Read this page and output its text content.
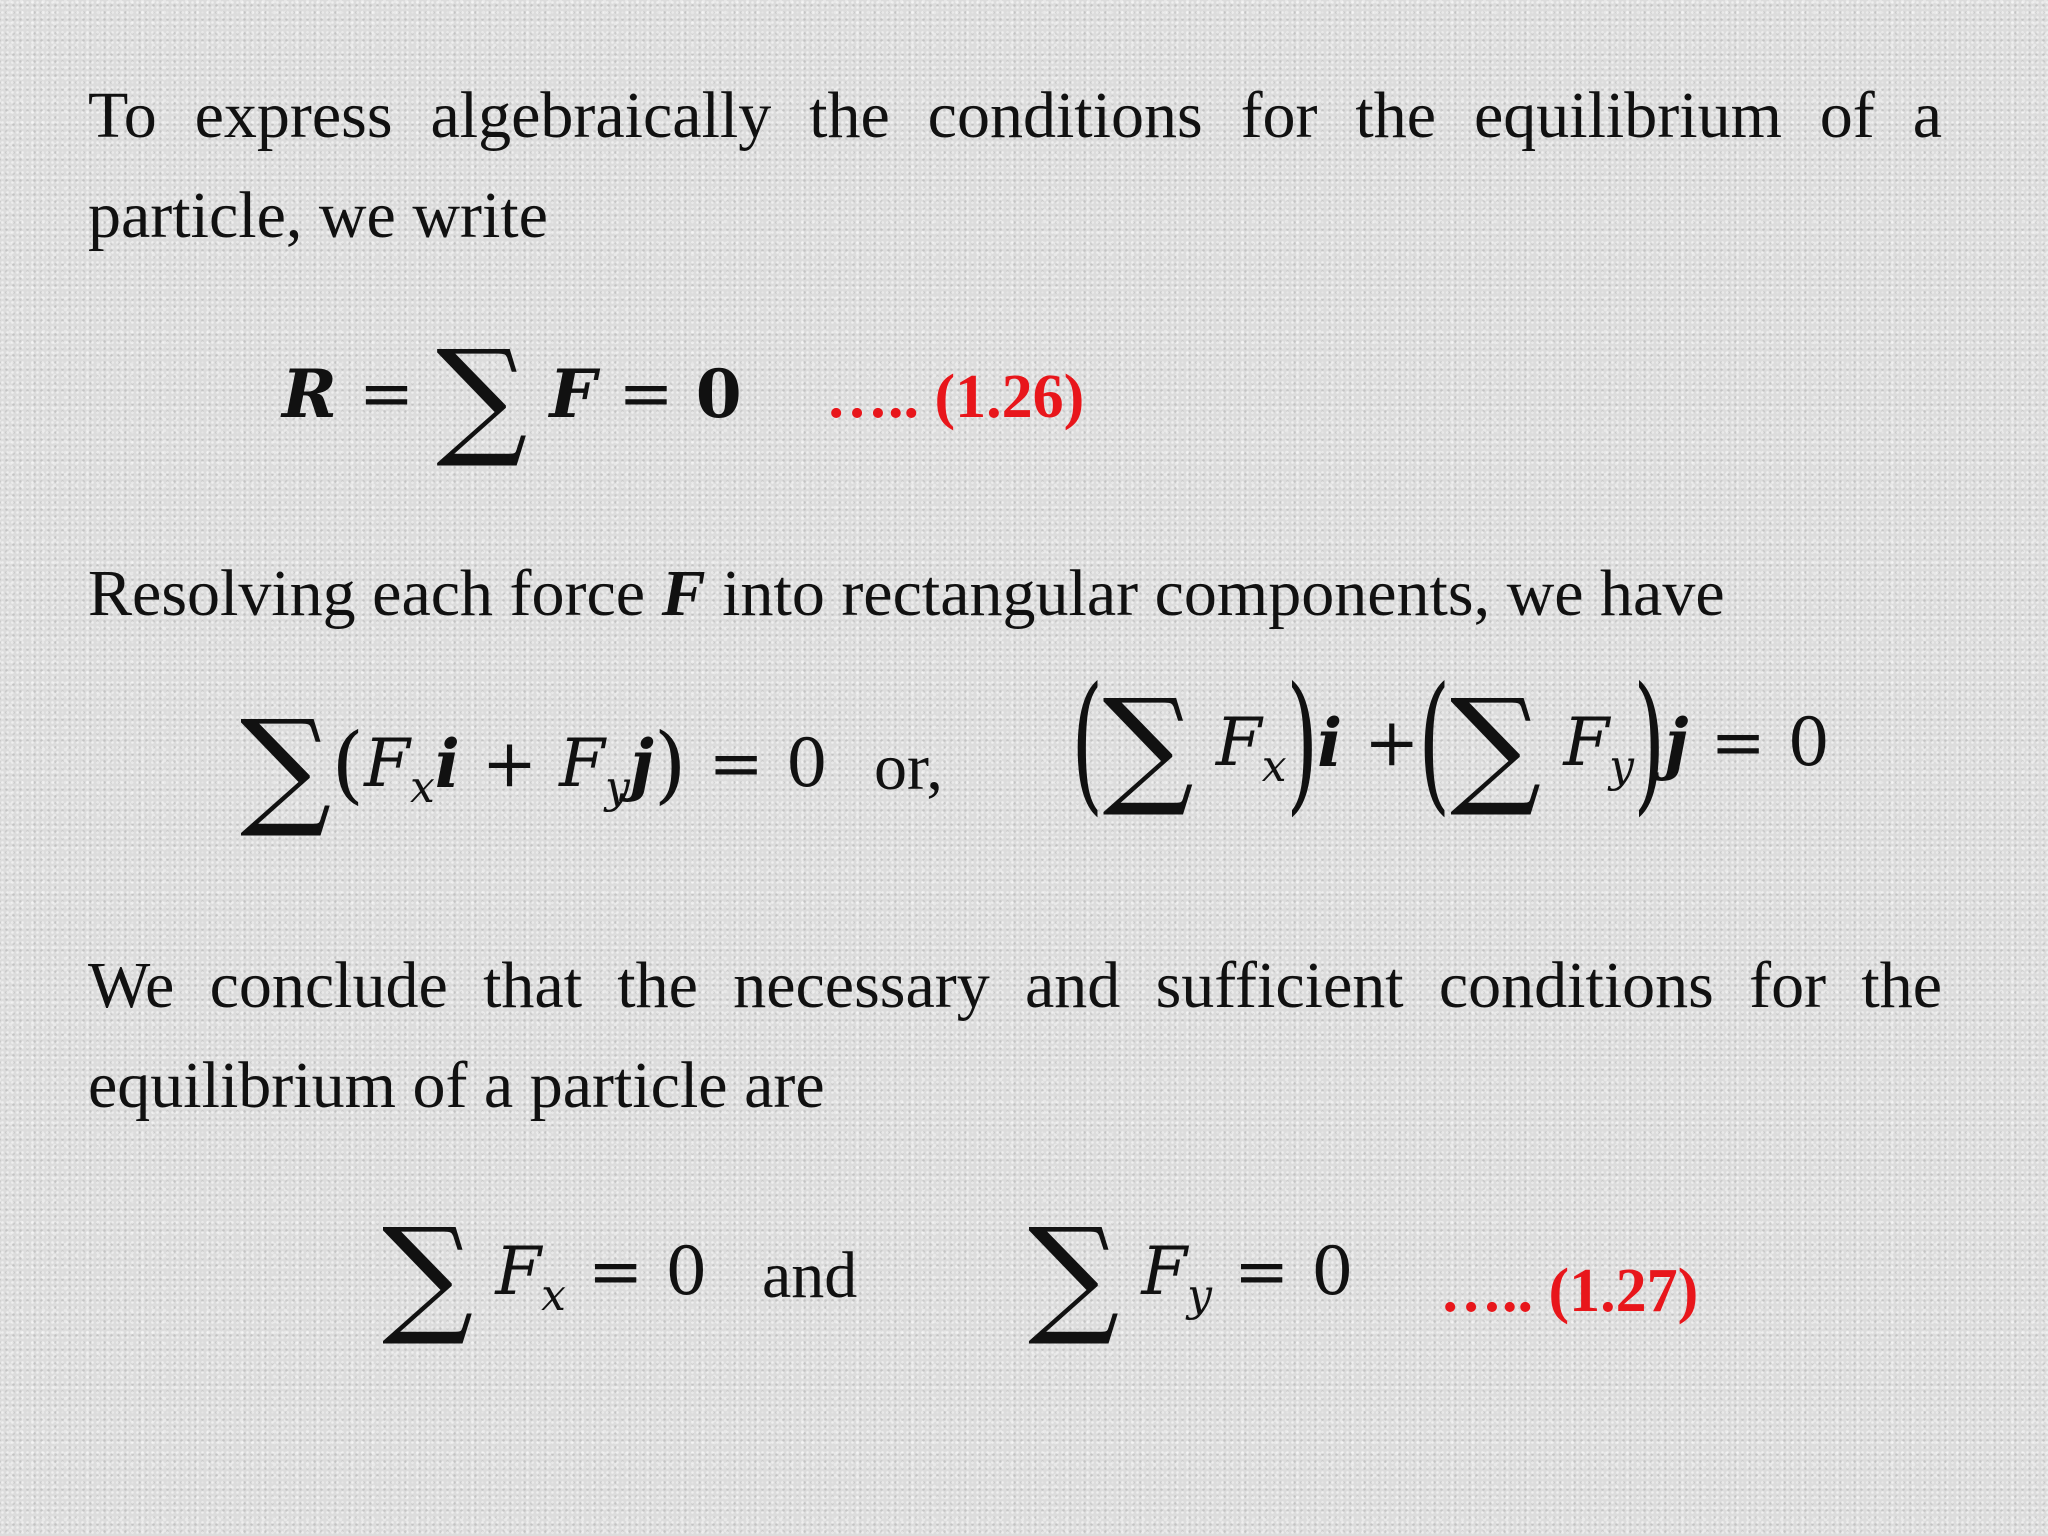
To express algebraically the conditions for the equilibrium of a particle, we write

R = ∑ F = 0 ….. (1.26)

Resolving each force F into rectangular components, we have

∑ ( $F_x$ $i + F_y$ j ) = 0 or, ( ∑ $F_x$ ) i + ( ∑ $F_y$ ) j = 0

We conclude that the necessary and sufficient conditions for the equilibrium of a particle are

∑ $F_x = 0$ and ∑ $F_y = 0$ ….. (1.27)
